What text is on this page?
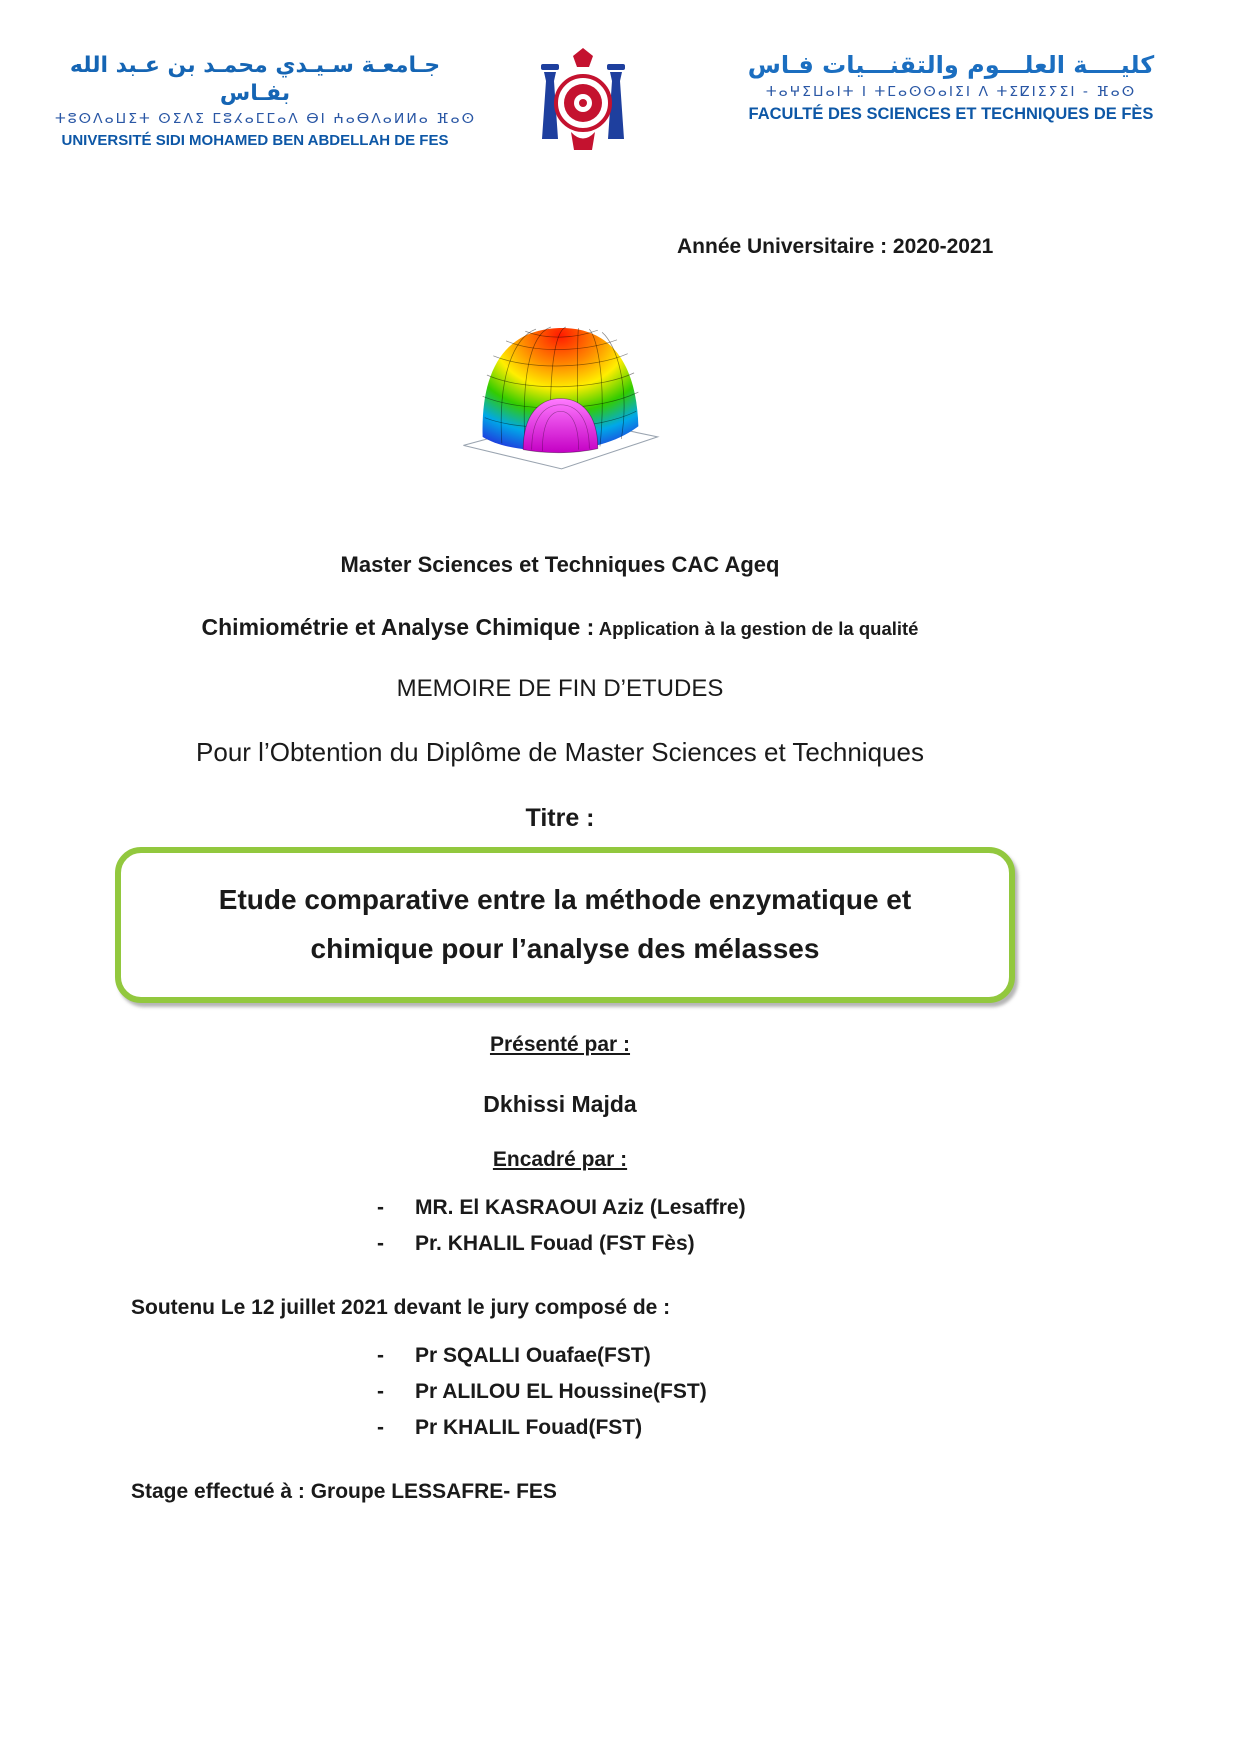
جـامعـة سـيـدي محمـد بن عـبد الله بفـاس
ⵜⵓⵙⴷⴰⵡⵉⵜ ⵙⵉⴷⵉ ⵎⵓⵃⴰⵎⵎⴰⴷ ⴱⵏ ⵄⴰⴱⴷⴰⵍⵍⴰ ⴼⴰⵙ
UNIVERSITÉ SIDI MOHAMED BEN ABDELLAH DE FES
كليــــة العلـــوم والتقنـــيات فـاس
ⵜⴰⵖⵉⵡⴰⵏⵜ ⵏ ⵜⵎⴰⵙⵙⴰⵏⵉⵏ ⴷ ⵜⵉⵇⵏⵉⵢⵉⵏ - ⴼⴰⵙ
FACULTÉ DES SCIENCES ET TECHNIQUES DE FÈS
Année Universitaire : 2020-2021

Master Sciences et Techniques CAC Ageq

Chimiométrie et Analyse Chimique : Application à la gestion de la qualité

MEMOIRE DE FIN D’ETUDES

Pour l’Obtention du Diplôme de Master Sciences et Techniques

Titre :

Etude comparative entre la méthode enzymatique et
chimique pour l’analyse des mélasses

Présenté par :

Dkhissi Majda

Encadré par :

-	MR. El KASRAOUI Aziz (Lesaffre)
-	Pr. KHALIL Fouad (FST Fès)

Soutenu Le 12 juillet 2021 devant le jury composé de :

-	Pr SQALLI Ouafae(FST)
-	Pr ALILOU EL Houssine(FST)
-	Pr KHALIL Fouad(FST)

Stage effectué à : Groupe LESSAFRE- FES
